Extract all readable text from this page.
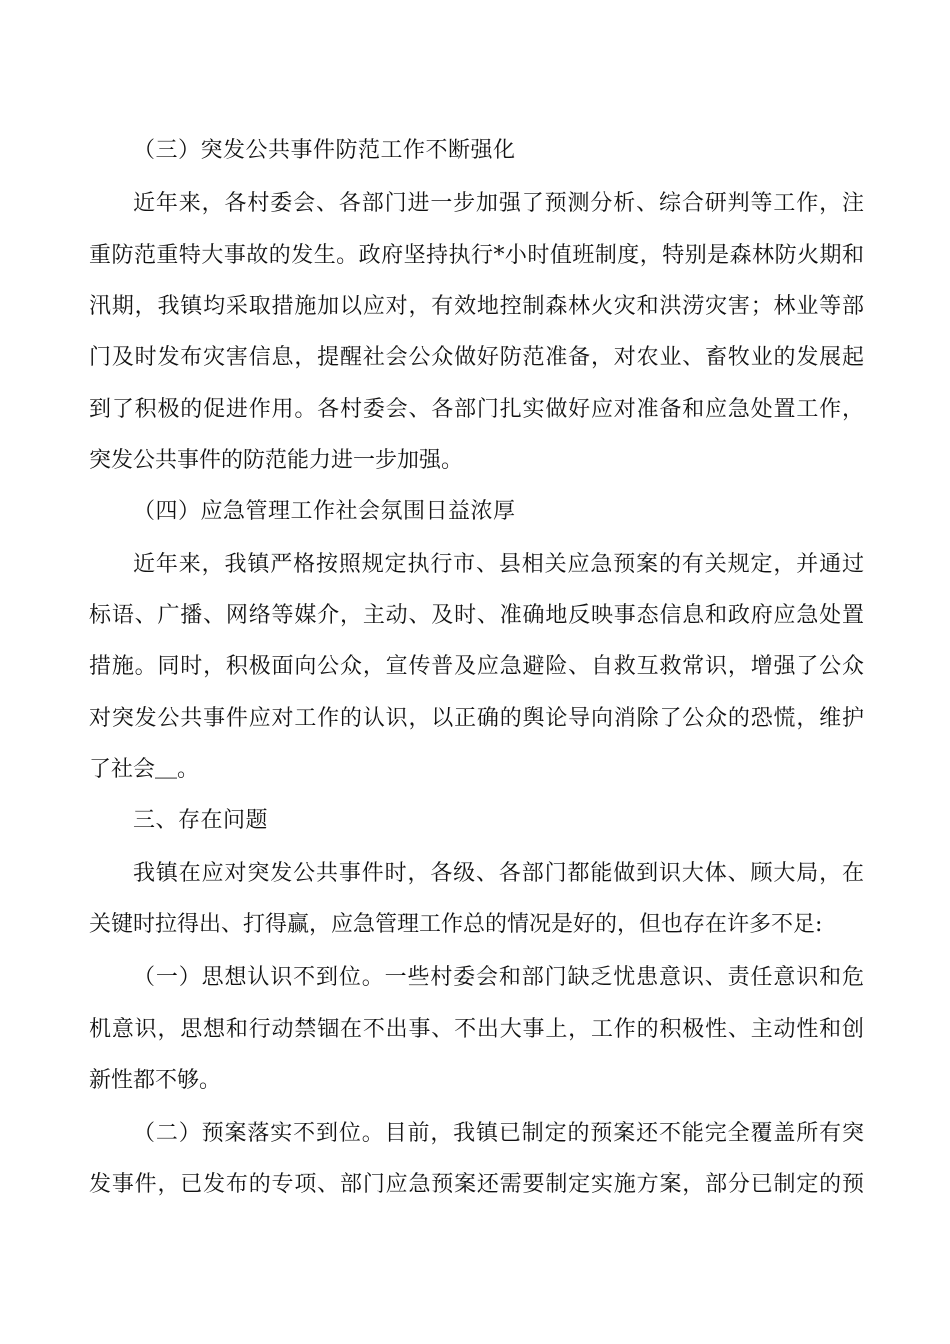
（三）突发公共事件防范工作不断强化
近年来，各村委会、各部门进一步加强了预测分析、综合研判等工作，注
重防范重特大事故的发生。政府坚持执行*小时值班制度，特别是森林防火期和
汛期，我镇均采取措施加以应对，有效地控制森林火灾和洪涝灾害；林业等部
门及时发布灾害信息，提醒社会公众做好防范准备，对农业、畜牧业的发展起
到了积极的促进作用。各村委会、各部门扎实做好应对准备和应急处置工作，
突发公共事件的防范能力进一步加强。
（四）应急管理工作社会氛围日益浓厚
近年来，我镇严格按照规定执行市、县相关应急预案的有关规定，并通过
标语、广播、网络等媒介，主动、及时、准确地反映事态信息和政府应急处置
措施。同时，积极面向公众，宣传普及应急避险、自救互救常识，增强了公众
对突发公共事件应对工作的认识，以正确的舆论导向消除了公众的恐慌，维护
了社会＿。
三、存在问题
我镇在应对突发公共事件时，各级、各部门都能做到识大体、顾大局，在
关键时拉得出、打得赢，应急管理工作总的情况是好的，但也存在许多不足:
（一）思想认识不到位。一些村委会和部门缺乏忧患意识、责任意识和危
机意识，思想和行动禁锢在不出事、不出大事上，工作的积极性、主动性和创
新性都不够。
（二）预案落实不到位。目前，我镇已制定的预案还不能完全覆盖所有突
发事件，已发布的专项、部门应急预案还需要制定实施方案，部分已制定的预
